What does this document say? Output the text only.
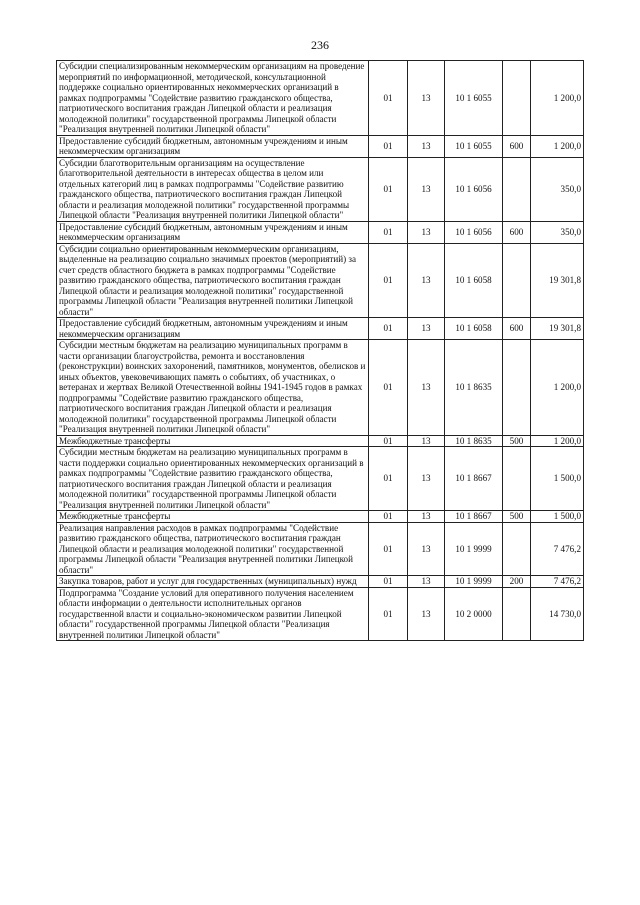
236
Субсидии специализированным некоммерческим организациям на проведение мероприятий по информационной, методической, консультационной поддержке социально ориентированных некоммерческих организаций в рамках подпрограммы "Содействие развитию гражданского общества, патриотического воспитания граждан Липецкой области и реализация молодежной политики" государственной программы Липецкой области "Реализация внутренней политики Липецкой области"	01	13	10 1 6055		1 200,0
Предоставление субсидий бюджетным, автономным учреждениям и иным некоммерческим организациям	01	13	10 1 6055	600	1 200,0
Субсидии благотворительным организациям на осуществление благотворительной деятельности в интересах общества в целом или отдельных категорий лиц в рамках подпрограммы "Содействие развитию гражданского общества, патриотического воспитания граждан Липецкой области и реализация молодежной политики" государственной программы Липецкой области "Реализация внутренней политики Липецкой области"	01	13	10 1 6056		350,0
Предоставление субсидий бюджетным, автономным учреждениям и иным некоммерческим организациям	01	13	10 1 6056	600	350,0
Субсидии социально ориентированным некоммерческим организациям, выделенные на реализацию социально значимых проектов (мероприятий) за счет средств областного бюджета в рамках подпрограммы "Содействие развитию гражданского общества, патриотического воспитания граждан Липецкой области и реализация молодежной политики" государственной программы Липецкой области "Реализация внутренней политики Липецкой области"	01	13	10 1 6058		19 301,8
Предоставление субсидий бюджетным, автономным учреждениям и иным некоммерческим организациям	01	13	10 1 6058	600	19 301,8
Субсидии местным бюджетам на реализацию муниципальных программ в части организации благоустройства, ремонта и восстановления (реконструкции) воинских захоронений, памятников, монументов, обелисков и иных объектов, увековечивающих память о событиях, об участниках, о ветеранах и жертвах Великой Отечественной войны 1941-1945 годов в рамках подпрограммы "Содействие развитию гражданского общества, патриотического воспитания граждан Липецкой области и реализация молодежной политики" государственной программы Липецкой области "Реализация внутренней политики Липецкой области"	01	13	10 1 8635		1 200,0
Межбюджетные трансферты	01	13	10 1 8635	500	1 200,0
Субсидии местным бюджетам на реализацию муниципальных программ в части поддержки социально ориентированных некоммерческих организаций в рамках подпрограммы "Содействие развитию гражданского общества, патриотического воспитания граждан Липецкой области и реализация молодежной политики" государственной программы Липецкой области "Реализация внутренней политики Липецкой области"	01	13	10 1 8667		1 500,0
Межбюджетные трансферты	01	13	10 1 8667	500	1 500,0
Реализация направления расходов в рамках подпрограммы "Содействие развитию гражданского общества, патриотического воспитания граждан Липецкой области и реализация молодежной политики" государственной программы Липецкой области "Реализация внутренней политики Липецкой области"	01	13	10 1 9999		7 476,2
Закупка товаров, работ и услуг для государственных (муниципальных) нужд	01	13	10 1 9999	200	7 476,2
Подпрограмма "Создание условий для оперативного получения населением области информации о деятельности исполнительных органов государственной власти и социально-экономическом развитии Липецкой области" государственной программы Липецкой области "Реализация внутренней политики Липецкой области"	01	13	10 2 0000		14 730,0
